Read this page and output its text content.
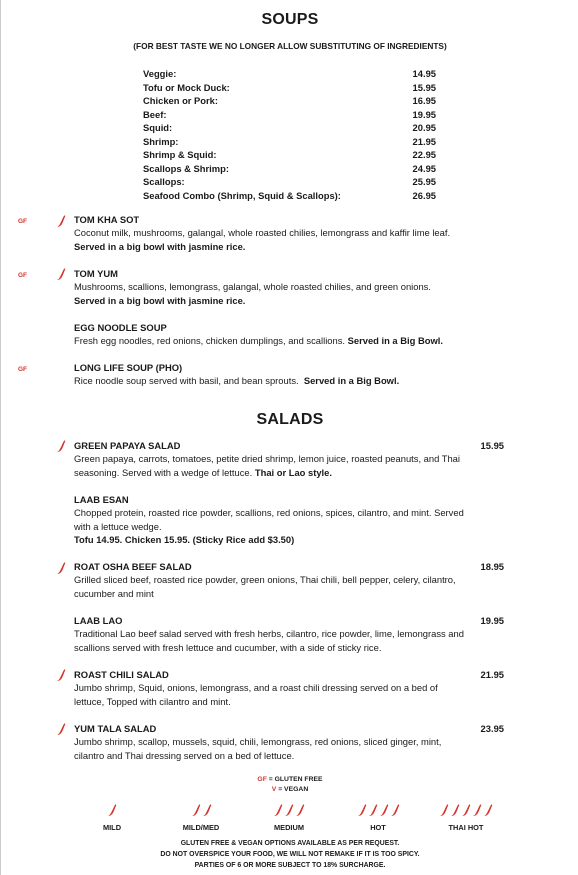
SOUPS
(FOR BEST TASTE WE NO LONGER ALLOW SUBSTITUTING OF INGREDIENTS)
Veggie:	14.95
Tofu or Mock Duck:	15.95
Chicken or Pork:	16.95
Beef:	19.95
Squid:	20.95
Shrimp:	21.95
Shrimp & Squid:	22.95
Scallops & Shrimp:	24.95
Scallops:	25.95
Seafood Combo (Shrimp, Squid & Scallops):	26.95
GF	TOM KHA SOT
Coconut milk, mushrooms, galangal, whole roasted chilies, lemongrass and kaffir lime leaf.
Served in a big bowl with jasmine rice.
GF	TOM YUM
Mushrooms, scallions, lemongrass, galangal, whole roasted chilies, and green onions.
Served in a big bowl with jasmine rice.
EGG NOODLE SOUP
Fresh egg noodles, red onions, chicken dumplings, and scallions. Served in a Big Bowl.
GF	LONG LIFE SOUP (PHO)
Rice noodle soup served with basil, and bean sprouts. Served in a Big Bowl.
SALADS
GREEN PAPAYA SALAD	15.95
Green papaya, carrots, tomatoes, petite dried shrimp, lemon juice, roasted peanuts, and Thai
seasoning. Served with a wedge of lettuce. Thai or Lao style.
LAAB ESAN
Chopped protein, roasted rice powder, scallions, red onions, spices, cilantro, and mint. Served
with a lettuce wedge.
Tofu 14.95. Chicken 15.95. (Sticky Rice add $3.50)
ROAT OSHA BEEF SALAD	18.95
Grilled sliced beef, roasted rice powder, green onions, Thai chili, bell pepper, celery, cilantro,
cucumber and mint
LAAB LAO	19.95
Traditional Lao beef salad served with fresh herbs, cilantro, rice powder, lime, lemongrass and
scallions served with fresh lettuce and cucumber, with a side of sticky rice.
ROAST CHILI SALAD	21.95
Jumbo shrimp, Squid, onions, lemongrass, and a roast chili dressing served on a bed of
lettuce, Topped with cilantro and mint.
YUM TALA SALAD	23.95
Jumbo shrimp, scallop, mussels, squid, chili, lemongrass, red onions, sliced ginger, mint,
cilantro and Thai dressing served on a bed of lettuce.
GF = GLUTEN FREE
V = VEGAN
MILD	MILD/MED	MEDIUM	HOT	THAI HOT
GLUTEN FREE & VEGAN OPTIONS AVAILABLE AS PER REQUEST.
DO NOT OVERSPICE YOUR FOOD, WE WILL NOT REMAKE IF IT IS TOO SPICY.
PARTIES OF 6 OR MORE SUBJECT TO 18% SURCHARGE.
